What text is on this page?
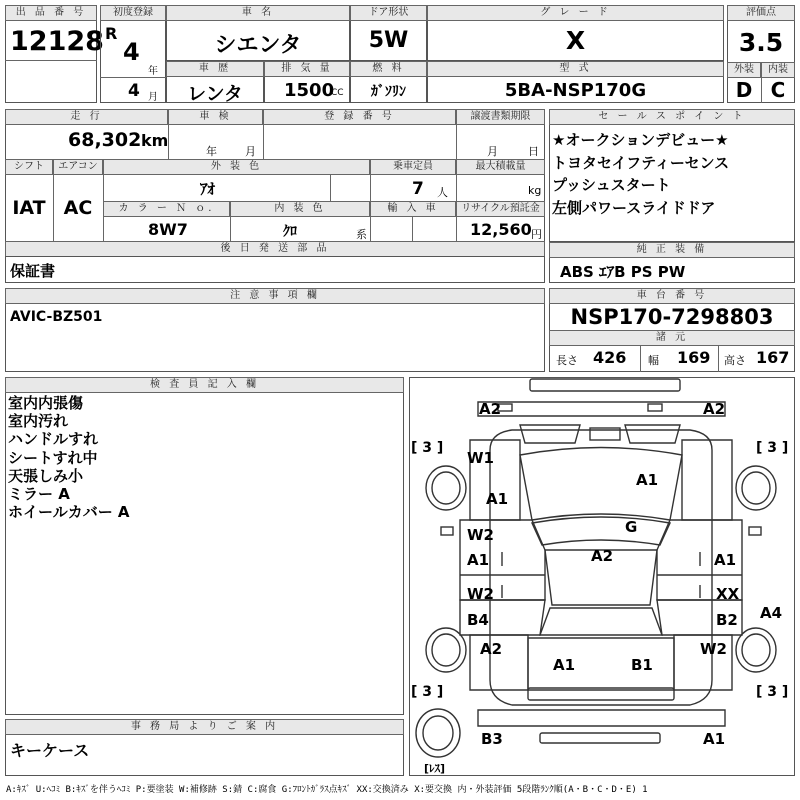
出 品 番 号
12128
初度登録
R
4
年
4 月
車 名
シエンタ
ドア形状
5W
グ レ ー ド
X
評価点
3.5
外装	内装
D C
車 歴
レンタ
排 気 量
1500
CC
燃 料
ｶﾞｿﾘﾝ
型 式
5BA-NSP170G
走 行
68,302 km
車 検
年	月
登 録 番 号	譲渡書類期限
月	日
シフト	エアコン
IAT AC
外 装 色
ｱｵ
乗車定員
7 人
最大積載量
kg
カ ラ ー Ｎ ｏ.
8W7
内 装 色
ｸﾛ	系
輸 入 車	リサイクル預託金
12,560 円
後 日 発 送 部 品
保証書
セ ー ル ス ポ イ ン ト
★オークションデビュー★
トヨタセイフティーセンス
プッシュスタート
左側パワースライドドア
純 正 装 備
ABS ｴｱB PS PW
注 意 事 項 欄
AVIC-BZ501
車 台 番 号
NSP170-7298803
諸 元
長さ 426 幅 169 高さ 167
検 査 員 記 入 欄
室内内張傷
室内汚れ
ハンドルすれ
シートすれ中
天張しみ小
ミラー A
ホイールカバー A
事 務 局 よ り ご 案 内
キーケース
A2	A2
W1
A1
A1
G
W2
A1	A2	A1
W2
B4
XX
B2 A4
A2	W2
A1	B1
B3	A1
[ 3 ]	[ 3 ]
[ 3 ]	[ 3 ]
[ﾚｽ]
A:ｷｽﾞ U:ﾍｺﾐ B:ｷｽﾞを伴うﾍｺﾐ P:要塗装 W:補修跡 S:錆 C:腐食 G:ﾌﾛﾝﾄｶﾞﾗｽ点ｷｽﾞ XX:交換済み X:要交換 内・外装評価 5段階ﾗﾝｸ順(A・B・C・D・E) 1
